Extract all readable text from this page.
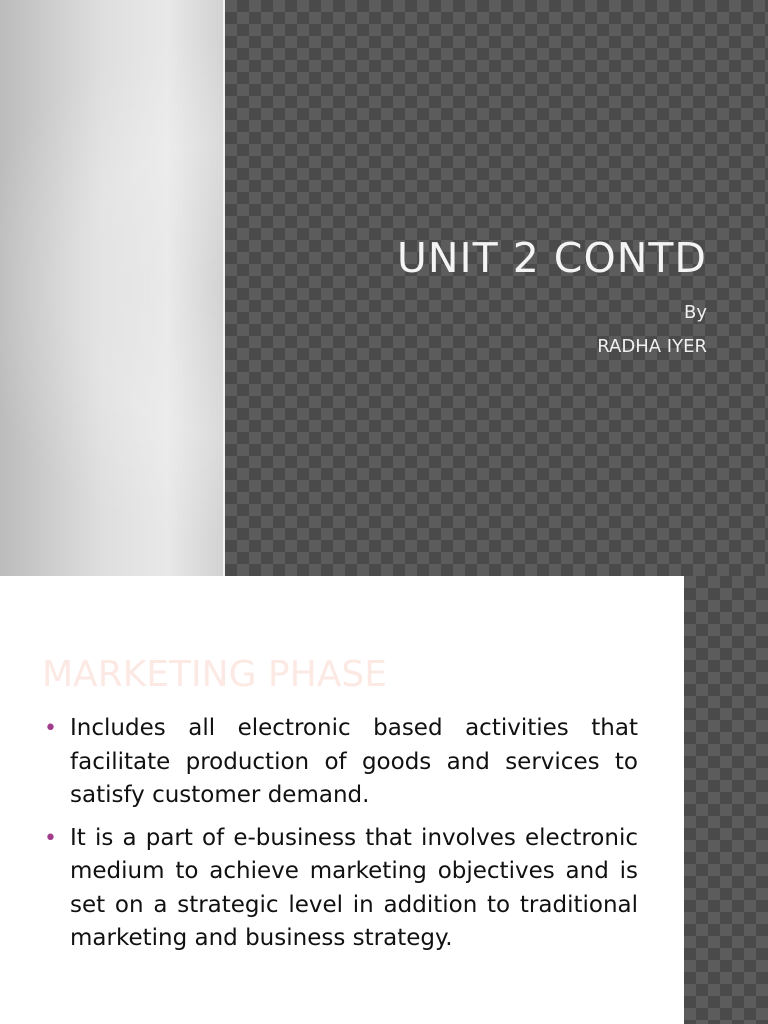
UNIT 2 CONTD
By
RADHA IYER
MARKETING PHASE
• Includes all electronic based activities that facilitate production of goods and services to satisfy customer demand.
• It is a part of e-business that involves electronic medium to achieve marketing objectives and is set on a strategic level in addition to traditional marketing and business strategy.
